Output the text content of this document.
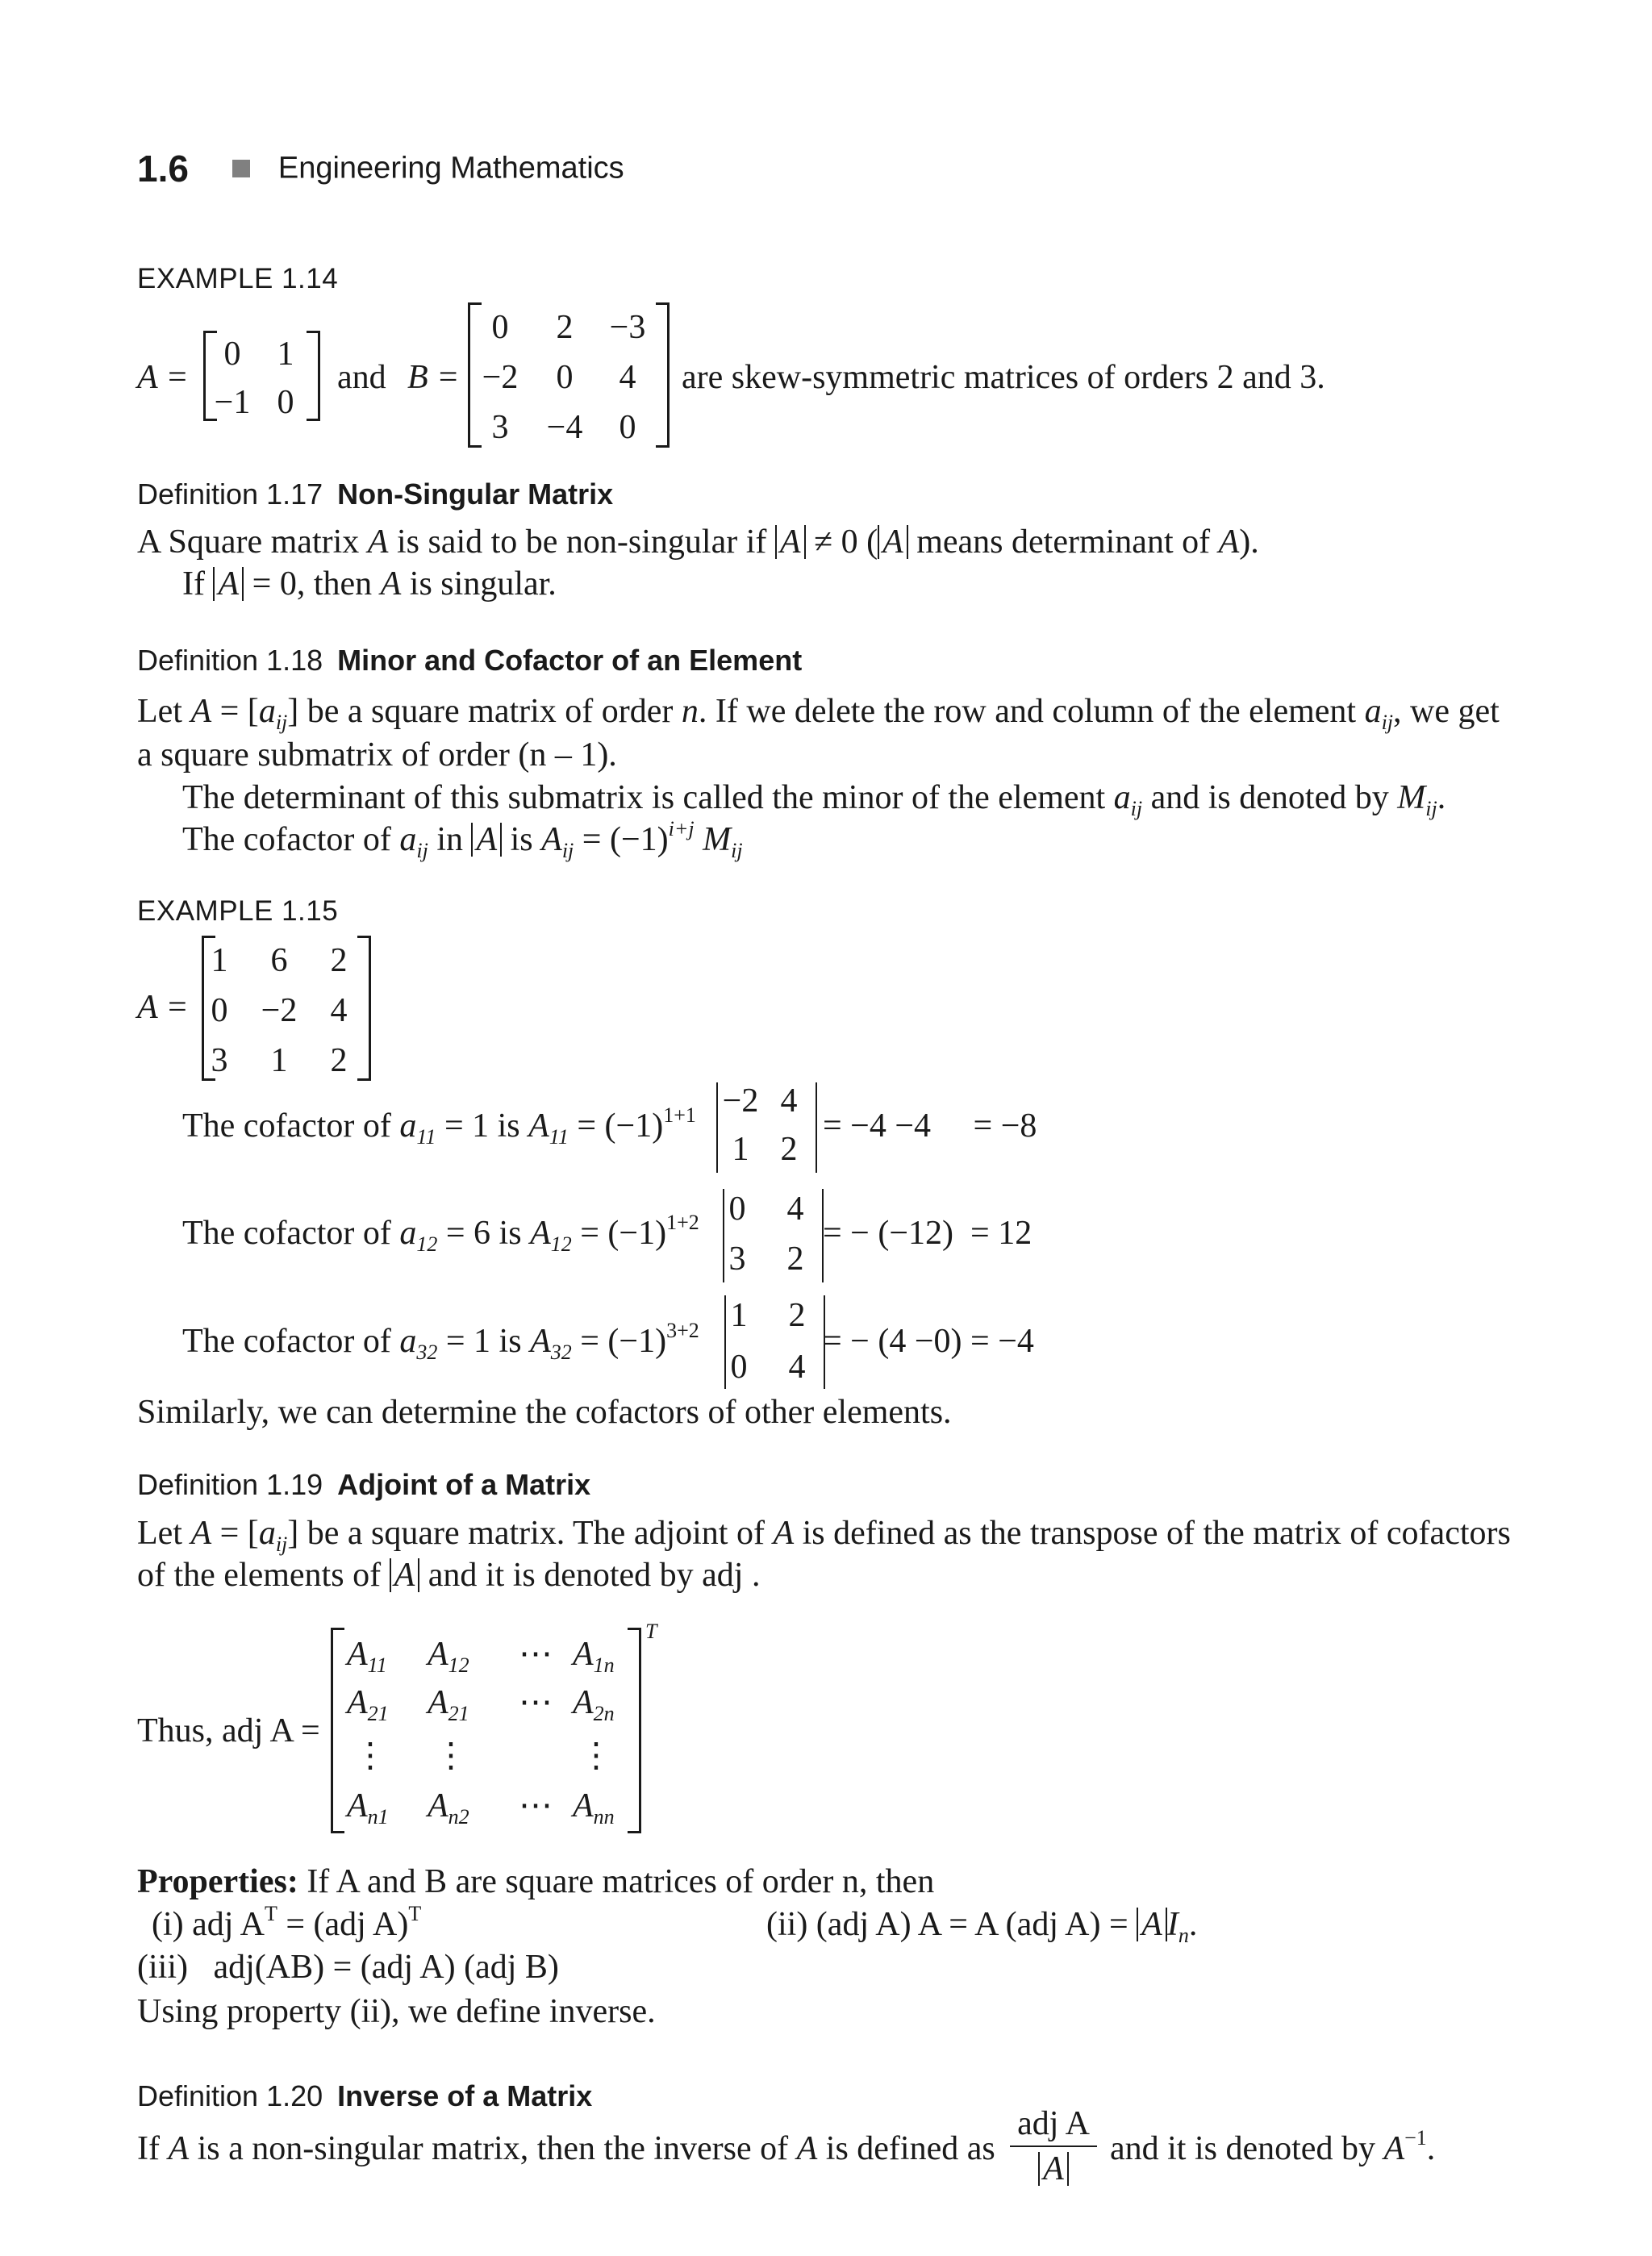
1.6	Engineering Mathematics
EXAMPLE 1.14
A =
0	1
−1 0
and B =
0	2	−3
−2	0	4
3	−4	0
are skew-symmetric matrices of orders 2 and 3.
Definition 1.17 Non-Singular Matrix
A Square matrix A is said to be non-singular if A ≠ 0 ( A means determinant of A).
If A = 0, then A is singular.
Definition 1.18 Minor and Cofactor of an Element
Let $A = [a_{ij}]$ be a square matrix of order n. If we delete the row and column of the element $a_{ij}$, we get
a square submatrix of order (n – 1).
The determinant of this submatrix is called the minor of the element $a_{ij}$ and is denoted by $M_{ij}$.
The cofactor of $a_{ij}$ in A is $A_{ij} = (-1)^{i+j}$ $M_{ij}$
EXAMPLE 1.15
A =
1	6	2
0 −2 4
3	1	2
The cofactor of $a_{11} = 1$ is $A_{11} = (-1)^{1+1} -2$ 4
1 2
= −4 −4     = −8
The cofactor of $a_{12} = 6$ is $A_{12} = (-1)^{1+2}$ 0	4
3	2
= − (−12)  = 12
The cofactor of $a_{32} = 1$ is $A_{32} = (-1)^{3+2}$ 1	2
0	4
= − (4 −0) = −4
Similarly, we can determine the cofactors of other elements.
Definition 1.19 Adjoint of a Matrix
Let $A = [a_{ij}]$ be a square matrix. The adjoint of A is defined as the transpose of the matrix of cofactors
of the elements of A and it is denoted by adj .
Thus, adj A =
$A_{11}$	$A_{12}$	⋯ $A_{1n}$
$A_{21}$	$A_{21}$	⋯ $A_{2n}$
⋮	⋮	⋮
$A_{n1}$	$A_{n2}$	⋯ $A_{nn}$
T
Properties: If A and B are square matrices of order n, then
(i) adj $A^T = (adj$ A)$^T$	(ii) (adj A) A = A (adj A) = A $I_n$.
(iii)   adj(AB) = (adj A) (adj B)
Using property (ii), we define inverse.
Definition 1.20 Inverse of a Matrix
If A is a non-singular matrix, then the inverse of A is defined as
adj A
A
and it is denoted by $A^{-1}$.
